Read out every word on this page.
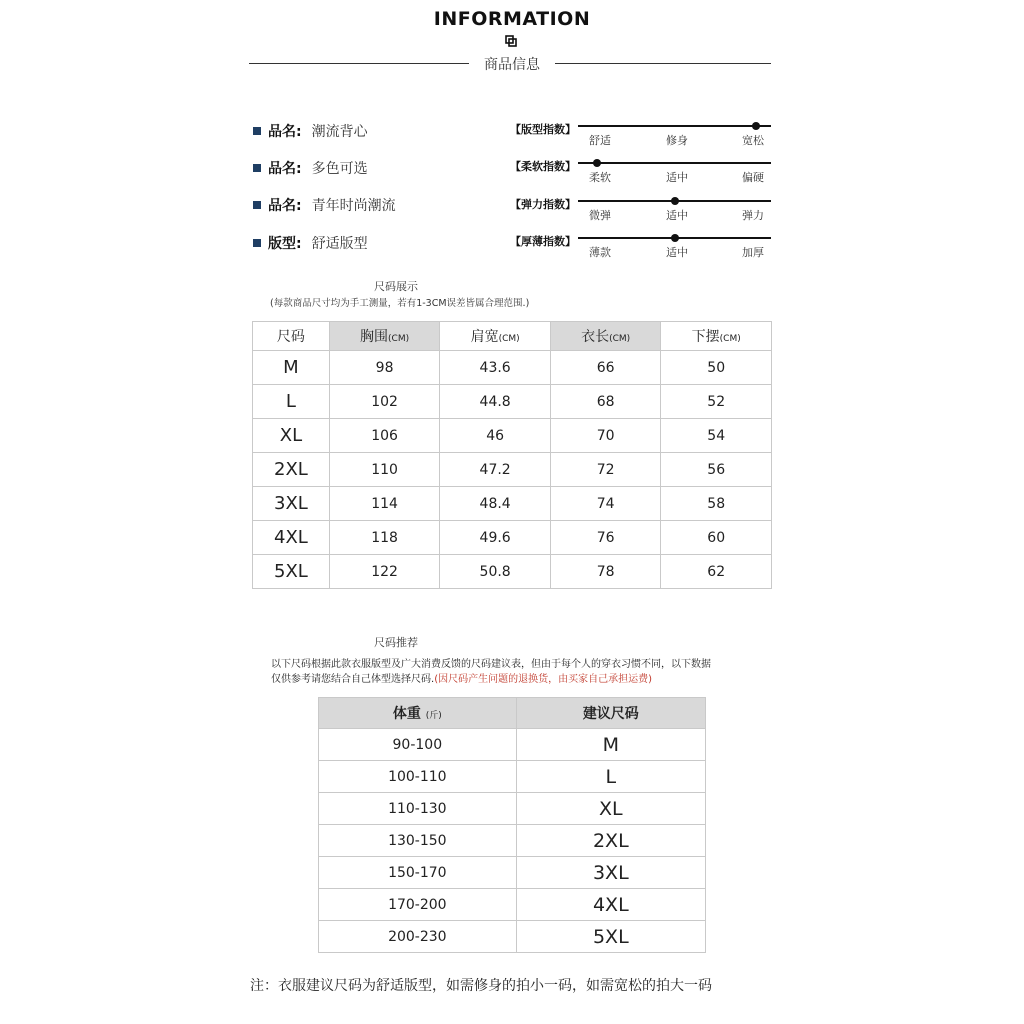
INFORMATION
商品信息
品名: 潮流背心
品名: 多色可选
品名: 青年时尚潮流
版型: 舒适版型
【版型指数】
舒适	修身	宽松
【柔软指数】
柔软	适中	偏硬
【弹力指数】
微弹	适中	弹力
【厚薄指数】
薄款	适中	加厚
尺码展示
(每款商品尺寸均为手工测量，若有1-3CM误差皆属合理范围.)
尺码	胸围(CM)	肩宽(CM)	衣长(CM)	下摆(CM)
M	98	43.6	66	50
L	102	44.8	68	52
XL	106	46	70	54
2XL	110	47.2	72	56
3XL	114	48.4	74	58
4XL	118	49.6	76	60
5XL	122	50.8	78	62
尺码推荐
以下尺码根据此款衣服版型及广大消费反馈的尺码建议表，但由于每个人的穿衣习惯不同，以下数据
仅供参考请您结合自己体型选择尺码.(因尺码产生问题的退换货，由买家自己承担运费)
体重 (斤)	建议尺码
90-100	M
100-110	L
110-130	XL
130-150	2XL
150-170	3XL
170-200	4XL
200-230	5XL
注：衣服建议尺码为舒适版型，如需修身的拍小一码，如需宽松的拍大一码
